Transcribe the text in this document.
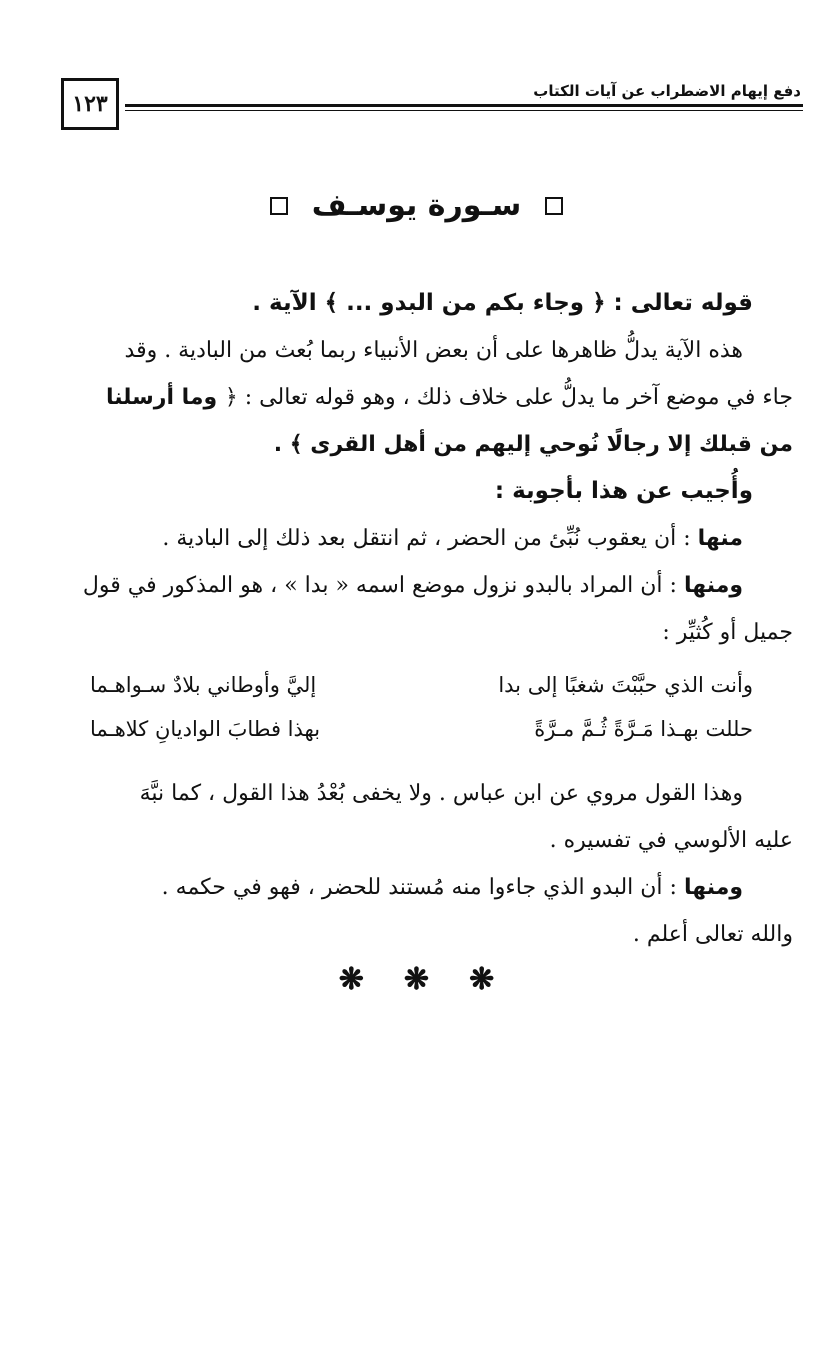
١٢٣	دفع إيهام الاضطراب عن آيات الكتاب
سـورة يوسـف

قوله تعالى : ﴿ وجاء بكم من البدو ... ﴾ الآية .

هذه الآية يدلُّ ظاهرها على أن بعض الأنبياء ربما بُعث من البادية . وقد

جاء في موضع آخر ما يدلُّ على خلاف ذلك ، وهو قوله تعالى : ﴿ وما أرسلنا

من قبلك إلا رجالًا نُوحي إليهم من أهل القرى ﴾ .

وأُجيب عن هذا بأجوبة :

منها : أن يعقوب نُبِّئ من الحضر ، ثم انتقل بعد ذلك إلى البادية .

ومنها : أن المراد بالبدو نزول موضع اسمه « بدا » ، هو المذكور في قول

جميل أو كُثيِّر :

وأنت الذي حبَّبْتَ شغبًا إلى بدا
إليَّ وأوطاني بلادٌ سـواهـما
حللت بهـذا مَـرَّةً ثُـمَّ مـرَّةً
بهذا فطابَ الواديانِ كلاهـما

وهذا القول مروي عن ابن عباس . ولا يخفى بُعْدُ هذا القول ، كما نبَّهَ

عليه الألوسي في تفسيره .

ومنها : أن البدو الذي جاءوا منه مُستند للحضر ، فهو في حكمه .

والله تعالى أعلم .

❋ ❋ ❋
